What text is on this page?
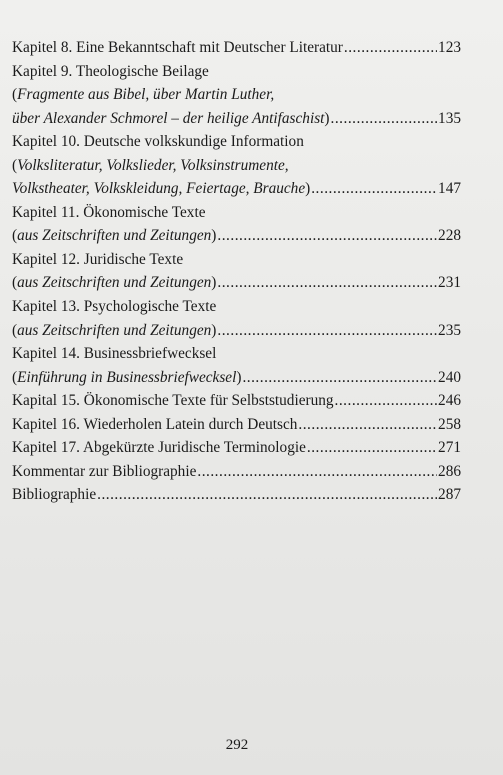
Kapitel 8. Eine Bekanntschaft mit Deutscher Literatur .....	123
Kapitel 9. Theologische Beilage
(Fragmente aus Bibel, über Martin Luther,
über Alexander Schmorel – der heilige Antifaschist) .....	135
Kapitel 10. Deutsche volkskundige Information
(Volksliteratur, Volkslieder, Volksinstrumente,
Volkstheater, Volkskleidung, Feiertage, Brauche) .....	147
Kapitel 11. Ökonomische Texte
(aus Zeitschriften und Zeitungen) .....	228
Kapitel 12. Juridische Texte
(aus Zeitschriften und Zeitungen) .....	231
Kapitel 13. Psychologische Texte
(aus Zeitschriften und Zeitungen) .....	235
Kapitel 14. Businessbriefwecksel
(Einführung in Businessbriefwecksel) .....	240
Kapital 15. Ökonomische Texte für Selbststudierung .....	246
Kapitel 16. Wiederholen Latein durch Deutsch .....	258
Kapitel 17. Abgekürzte Juridische Terminologie .....	271
Kommentar zur Bibliographie .....	286
Bibliographie .....	287
292
